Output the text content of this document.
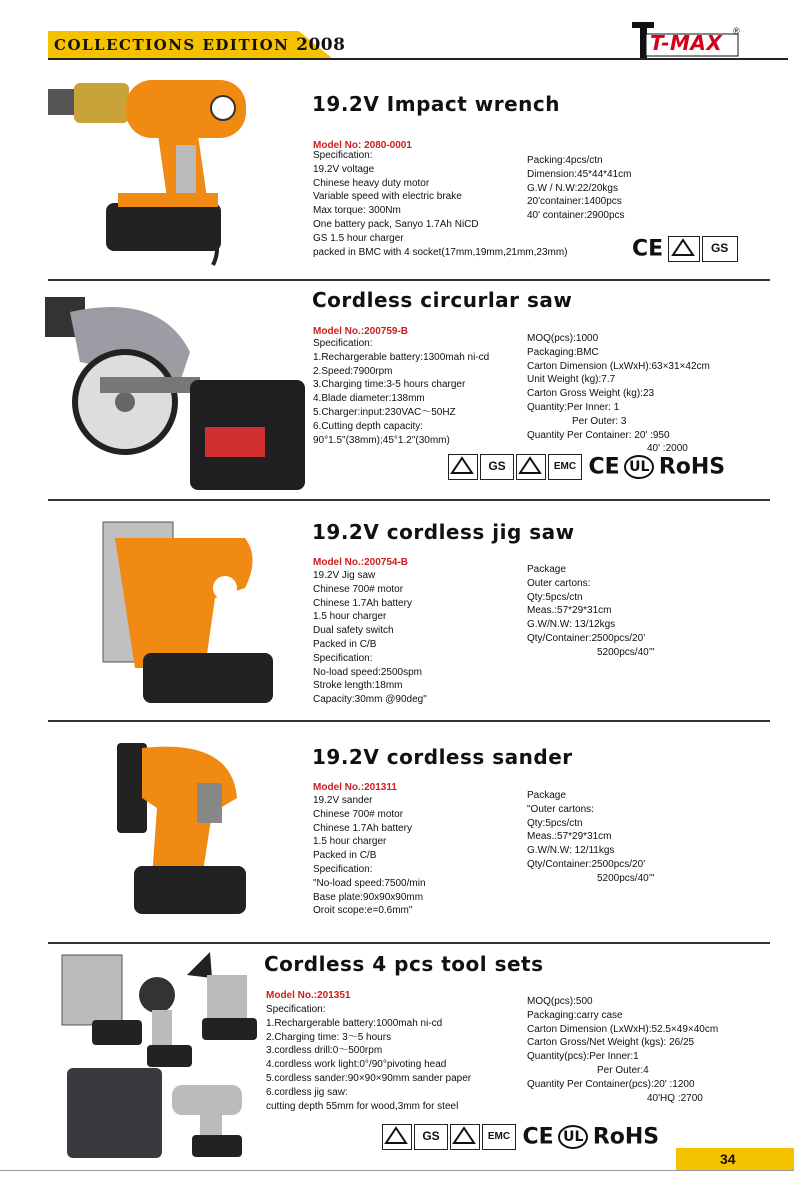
COLLECTIONS EDITION 2008	T-MAX ®
19.2V Impact wrench
Model No: 2080-0001
Specification:
19.2V voltage
Chinese heavy duty motor
Variable speed with electric brake
Max torque: 300Nm
One battery pack, Sanyo 1.7Ah NiCD
GS 1.5 hour charger
packed in BMC with 4 socket(17mm,19mm,21mm,23mm)
Packing:4pcs/ctn
Dimension:45*44*41cm
G.W / N.W:22/20kgs
20'container:1400pcs
40' container:2900pcs
CE	GS
Cordless circurlar saw
Model No.:200759-B
Specification:
1.Rechargerable battery:1300mah ni-cd
2.Speed:7900rpm
3.Charging time:3-5 hours charger
4.Blade diameter:138mm
5.Charger:input:230VAC～50HZ
6.Cutting depth capacity:
90°1.5"(38mm);45°1.2"(30mm)
MOQ(pcs):1000
Packaging:BMC
Carton Dimension (LxWxH):63×31×42cm
Unit Weight (kg):7.7
Carton Gross Weight (kg):23
Quantity:Per Inner: 1
Per Outer: 3
Quantity Per Container: 20' :950
40' :2000
GS	EMC CE UL RoHS
19.2V cordless jig saw
Model No.:200754-B
19.2V Jig saw
Chinese 700# motor
Chinese 1.7Ah battery
1.5 hour charger
Dual safety switch
Packed in C/B
Specification:
No-load speed:2500spm
Stroke length:18mm
Capacity:30mm @90deg"
Package
Outer cartons:
Qty:5pcs/ctn
Meas.:57*29*31cm
G.W/N.W: 13/12kgs
Qty/Container:2500pcs/20’
5200pcs/40’"
19.2V cordless sander
Model No.:201311
19.2V sander
Chinese 700# motor
Chinese 1.7Ah battery
1.5 hour charger
Packed in C/B
Specification:
"No-load speed:7500/min
Base plate:90x90x90mm
Oroit scope:e=0.6mm"
Package
"Outer cartons:
Qty:5pcs/ctn
Meas.:57*29*31cm
G.W/N.W: 12/11kgs
Qty/Container:2500pcs/20’
5200pcs/40’"
Cordless 4 pcs tool sets
Model No.:201351
Specification:
1.Rechargerable battery:1000mah ni-cd
2.Charging time: 3～5 hours
3.cordless drill:0～500rpm
4.cordless work light:0°/90°pivoting head
5.cordless sander:90×90×90mm sander paper
6.cordless jig saw:
cutting depth 55mm for wood,3mm for steel
MOQ(pcs):500
Packaging:carry case
Carton Dimension (LxWxH):52.5×49×40cm
Carton Gross/Net Weight (kgs): 26/25
Quantity(pcs):Per Inner:1
Per Outer:4
Quantity Per Container(pcs):20' :1200
40'HQ :2700
GS	EMC CE UL RoHS
34
